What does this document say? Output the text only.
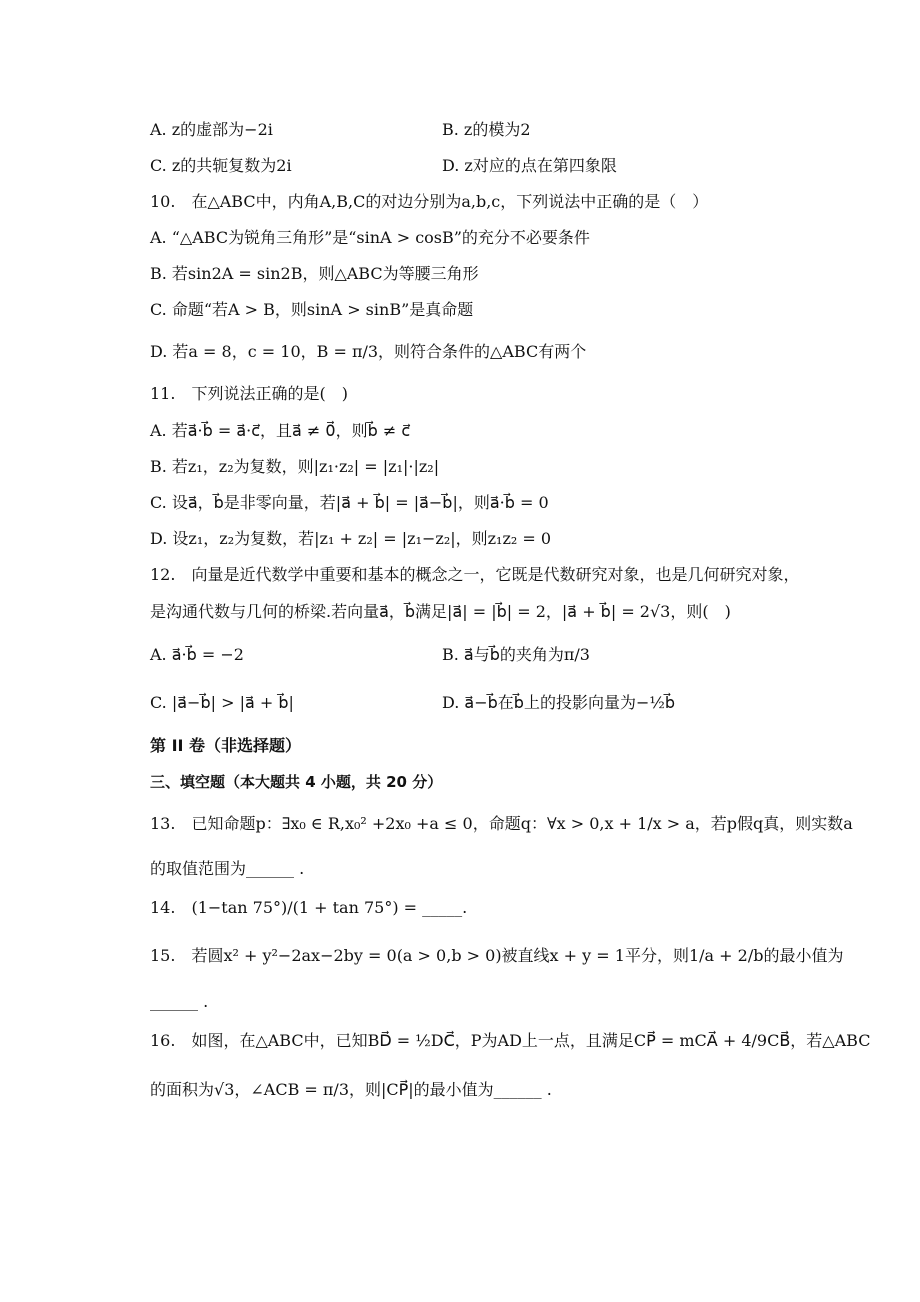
A. z的虚部为−2i	B. z的模为2
C. z的共轭复数为2i	D. z对应的点在第四象限
10.　在△ABC中，内角A,B,C的对边分别为a,b,c，下列说法中正确的是（　）
A. “△ABC为锐角三角形”是“sinA > cosB”的充分不必要条件
B. 若sin2A = sin2B，则△ABC为等腰三角形
C. 命题“若A > B，则sinA > sinB”是真命题
D. 若a = 8，c = 10，B = π/3，则符合条件的△ABC有两个
11.　下列说法正确的是(　)
A. 若a⃗·b⃗ = a⃗·c⃗，且a⃗ ≠ 0⃗，则b⃗ ≠ c⃗
B. 若z₁，z₂为复数，则|z₁·z₂| = |z₁|·|z₂|
C. 设a⃗，b⃗是非零向量，若|a⃗ + b⃗| = |a⃗−b⃗|，则a⃗·b⃗ = 0
D. 设z₁，z₂为复数，若|z₁ + z₂| = |z₁−z₂|，则z₁z₂ = 0
12.　向量是近代数学中重要和基本的概念之一，它既是代数研究对象，也是几何研究对象，
是沟通代数与几何的桥梁.若向量a⃗，b⃗满足|a⃗| = |b⃗| = 2，|a⃗ + b⃗| = 2√3，则(　)
A. a⃗·b⃗ = −2	B. a⃗与b⃗的夹角为π/3
C. |a⃗−b⃗| > |a⃗ + b⃗|	D. a⃗−b⃗在b⃗上的投影向量为−½b⃗
第 II 卷（非选择题）
三、填空题（本大题共 4 小题，共 20 分）
13.　已知命题p：∃x₀ ∈ R,x₀² +2x₀ +a ≤ 0，命题q：∀x > 0,x + 1/x > a，若p假q真，则实数a
的取值范围为______ .
14.　(1−tan 75°)/(1 + tan 75°) = _____.
15.　若圆x² + y²−2ax−2by = 0(a > 0,b > 0)被直线x + y = 1平分，则1/a + 2/b的最小值为
______ .
16.　如图，在△ABC中，已知BD⃗ = ½DC⃗，P为AD上一点，且满足CP⃗ = mCA⃗ + 4/9CB⃗，若△ABC
的面积为√3，∠ACB = π/3，则|CP⃗|的最小值为______ .
